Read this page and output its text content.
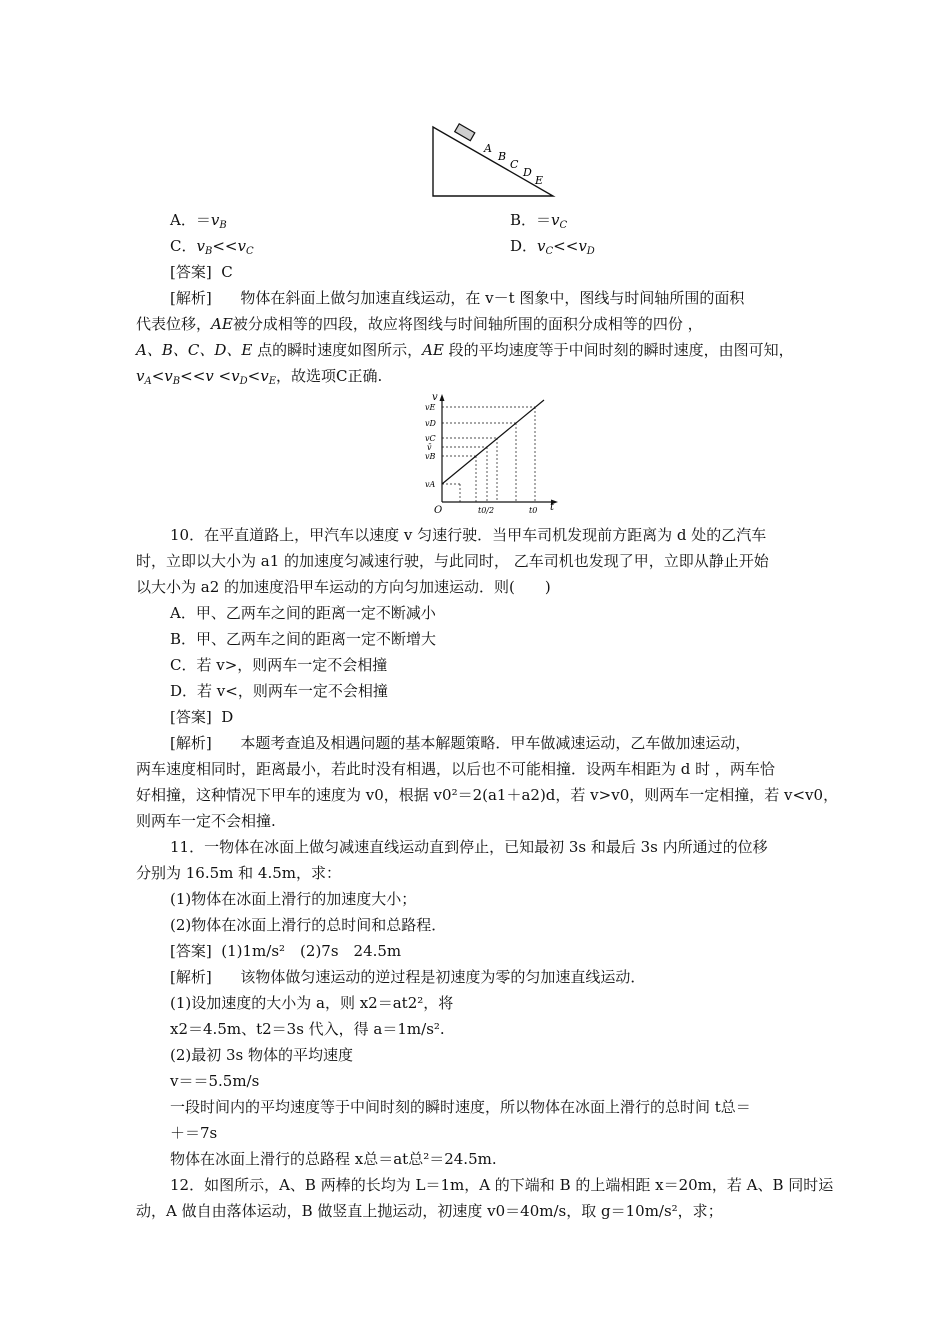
A
B
C
D
E
A．$=v_B$	B．$=v_C$
C．$v_B<<v_C$	D．$v_C<<v_D$
[答案] C
[解析] 物体在斜面上做匀加速直线运动，在 v－t 图象中，图线与时间轴所围的面积
代表位移，AE被分成相等的四段，故应将图线与时间轴所围的面积分成相等的四份 ，
A、B、C、D、E 点的瞬时速度如图所示，AE 段的平均速度等于中间时刻的瞬时速度，由图可知，
$v_A<v_B<<v <v_D<v_E$，故选项C正确.
v
t
O
vE
vD
vC
v̄
vB
vA
t0/2	t0
10．在平直道路上，甲汽车以速度 v 匀速行驶．当甲车司机发现前方距离为 d 处的乙汽车
时，立即以大小为 a1 的加速度匀减速行驶，与此同时， 乙车司机也发现了甲，立即从静止开始
以大小为 a2 的加速度沿甲车运动的方向匀加速运动．则(　　)
A．甲、乙两车之间的距离一定不断减小
B．甲、乙两车之间的距离一定不断增大
C．若 v>，则两车一定不会相撞
D．若 v<，则两车一定不会相撞
[答案] D
[解析] 本题考查追及相遇问题的基本解题策略．甲车做减速运动，乙车做加速运动，
两车速度相同时，距离最小，若此时没有相遇，以后也不可能相撞．设两车相距为 d 时 ，两车恰
好相撞，这种情况下甲车的速度为 v0，根据 v0²＝2(a1＋a2)d，若 v>v0，则两车一定相撞，若 v<v0，
则两车一定不会相撞.
11．一物体在冰面上做匀减速直线运动直到停止，已知最初 3s 和最后 3s 内所通过的位移
分别为 16.5m 和 4.5m，求：
(1)物体在冰面上滑行的加速度大小；
(2)物体在冰面上滑行的总时间和总路程．
[答案] (1)1m/s²　(2)7s　24.5m
[解析] 该物体做匀速运动的逆过程是初速度为零的匀加速直线运动．
(1)设加速度的大小为 a，则 x2＝at2²，将
x2＝4.5m、t2＝3s 代入，得 a＝1m/s².
(2)最初 3s 物体的平均速度
v＝＝5.5m/s
一段时间内的平均速度等于中间时刻的瞬时速度，所以物体在冰面上滑行的总时间 t总＝
＋＝7s
物体在冰面上滑行的总路程 x总＝at总²＝24.5m.
12．如图所示，A、B 两棒的长均为 L＝1m，A 的下端和 B 的上端相距 x＝20m，若 A、B 同时运
动，A 做自由落体运动，B 做竖直上抛运动，初速度 v0＝40m/s，取 g＝10m/s²，求；
